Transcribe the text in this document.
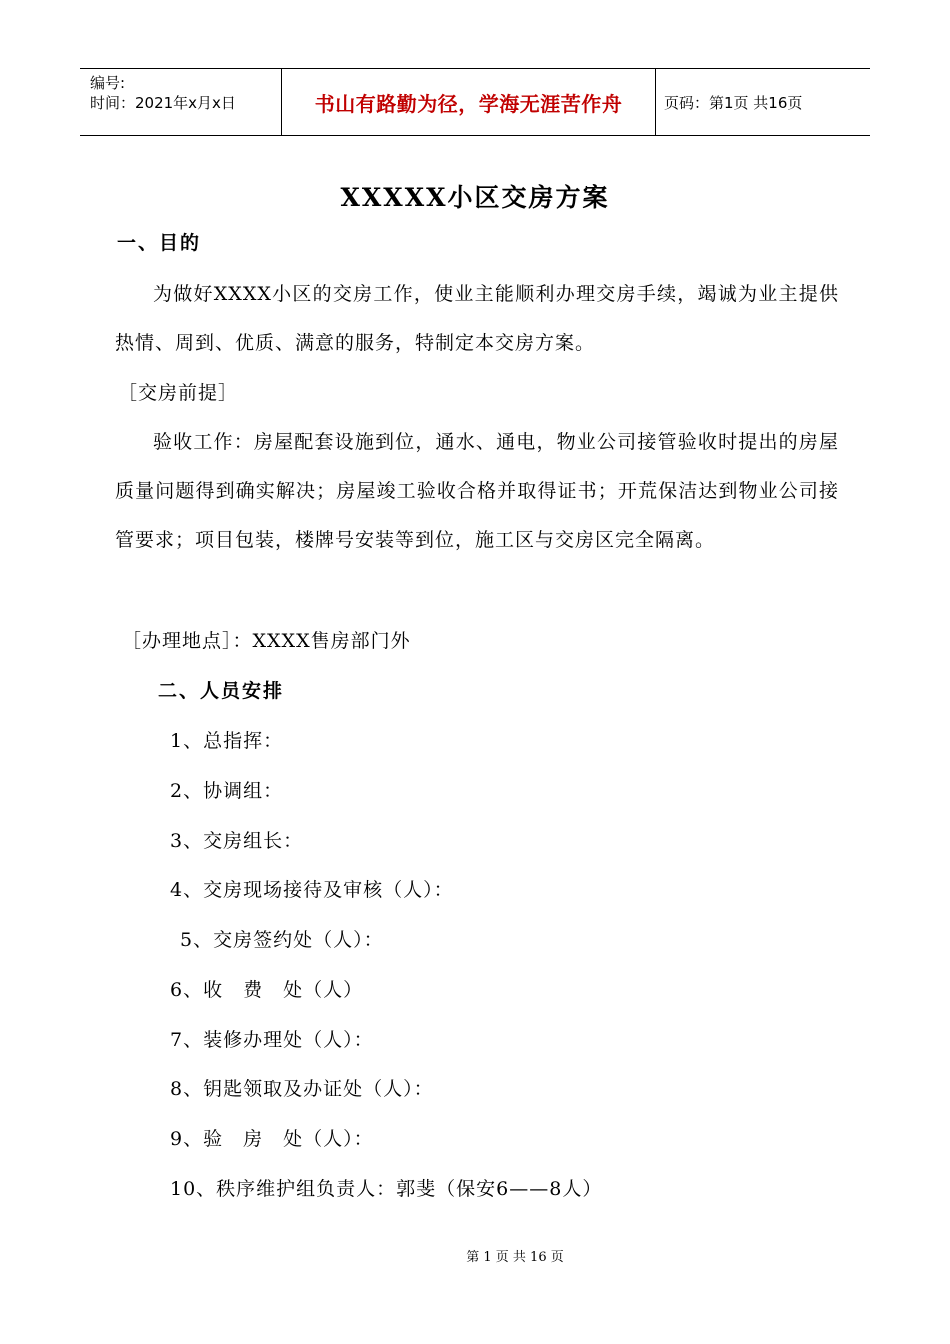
编号:
时间：2021年x月x日	书山有路勤为径，学海无涯苦作舟	页码：第1页 共16页
XXXXX小区交房方案
一、目的
为做好XXXX小区的交房工作，使业主能顺利办理交房手续，竭诚为业主提供热情、周到、优质、满意的服务，特制定本交房方案。
［交房前提］
验收工作：房屋配套设施到位，通水、通电，物业公司接管验收时提出的房屋质量问题得到确实解决；房屋竣工验收合格并取得证书；开荒保洁达到物业公司接管要求；项目包装，楼牌号安装等到位，施工区与交房区完全隔离。
［办理地点］：XXXX售房部门外
二、人员安排
1、总指挥：
2、协调组：
3、交房组长：
4、交房现场接待及审核（人）：
5、交房签约处（人）：
6、收　费　处（人）
7、装修办理处（人）：
8、钥匙领取及办证处（人）：
9、验　房　处（人）：
10、秩序维护组负责人：郭斐（保安6——8人）
第 1 页 共 16 页
